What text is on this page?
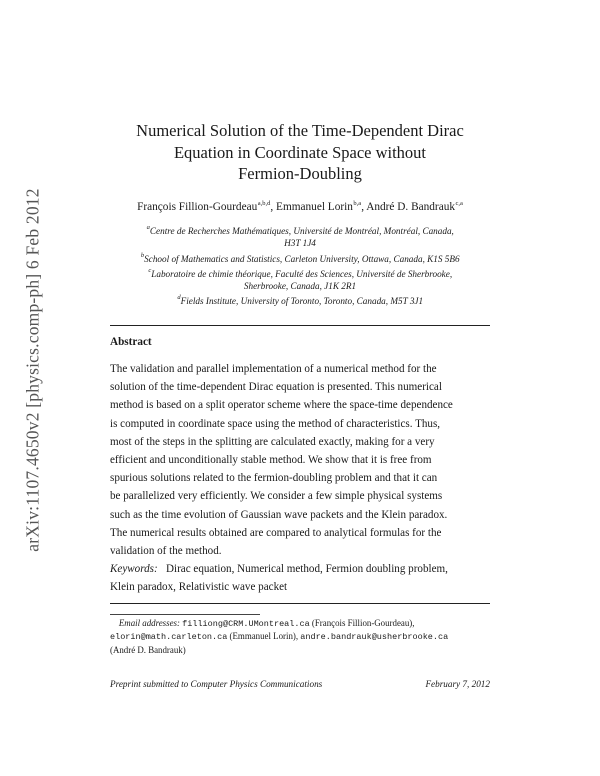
arXiv:1107.4650v2 [physics.comp-ph] 6 Feb 2012
Numerical Solution of the Time-Dependent Dirac
Equation in Coordinate Space without
Fermion-Doubling
François Fillion-Gourdeau$^{a,b,d}$, Emmanuel Lorin$^{b,a}$, André D. Bandrauk$^{c,a}$
$^a$Centre de Recherches Mathématiques, Université de Montréal, Montréal, Canada,
H3T 1J4
$^b$School of Mathematics and Statistics, Carleton University, Ottawa, Canada, K1S 5B6
$^c$Laboratoire de chimie théorique, Faculté des Sciences, Université de Sherbrooke,
Sherbrooke, Canada, J1K 2R1
$^d$Fields Institute, University of Toronto, Toronto, Canada, M5T 3J1
Abstract
The validation and parallel implementation of a numerical method for the
solution of the time-dependent Dirac equation is presented. This numerical
method is based on a split operator scheme where the space-time dependence
is computed in coordinate space using the method of characteristics. Thus,
most of the steps in the splitting are calculated exactly, making for a very
efficient and unconditionally stable method. We show that it is free from
spurious solutions related to the fermion-doubling problem and that it can
be parallelized very efficiently. We consider a few simple physical systems
such as the time evolution of Gaussian wave packets and the Klein paradox.
The numerical results obtained are compared to analytical formulas for the
validation of the method.
Keywords: Dirac equation, Numerical method, Fermion doubling problem,
Klein paradox, Relativistic wave packet
Email addresses: filliong@CRM.UMontreal.ca (François Fillion-Gourdeau),
elorin@math.carleton.ca (Emmanuel Lorin), andre.bandrauk@usherbrooke.ca
(André D. Bandrauk)
Preprint submitted to Computer Physics Communications	February 7, 2012
